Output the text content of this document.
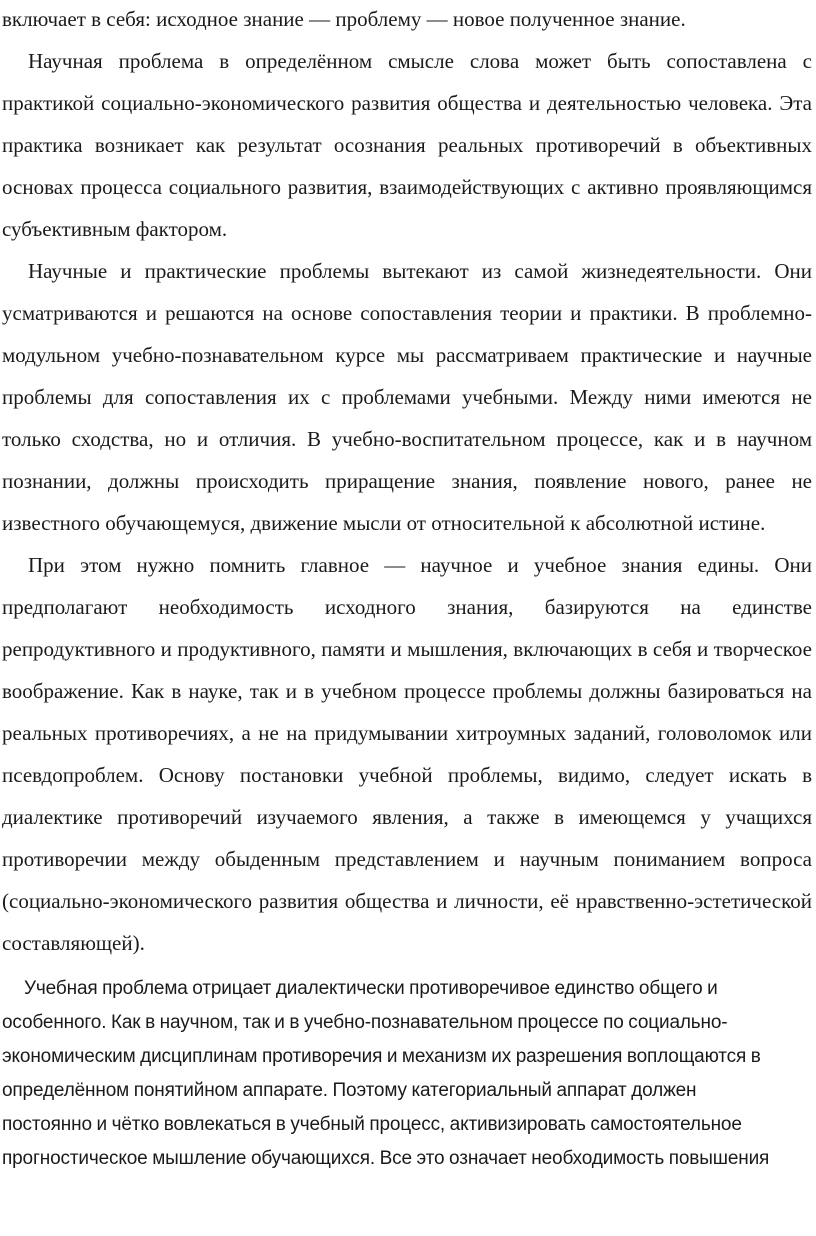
включает в себя: исходное знание — проблему — новое полученное знание.

Научная проблема в определённом смысле слова может быть сопоставлена с практикой социально-экономического развития общества и деятельностью человека. Эта практика возникает как результат осознания реальных противоречий в объективных основах процесса социального развития, взаимодействующих с активно проявляющимся субъективным фактором.

Научные и практические проблемы вытекают из самой жизнедеятельности. Они усматриваются и решаются на основе сопоставления теории и практики. В проблемно-модульном учебно-познавательном курсе мы рассматриваем практические и научные проблемы для сопоставления их с проблемами учебными. Между ними имеются не только сходства, но и отличия. В учебно-воспитательном процессе, как и в научном познании, должны происходить приращение знания, появление нового, ранее не известного обучающемуся, движение мысли от относительной к абсолютной истине.

При этом нужно помнить главное — научное и учебное знания едины. Они предполагают необходимость исходного знания, базируются на единстве репродуктивного и продуктивного, памяти и мышления, включающих в себя и творческое воображение. Как в науке, так и в учебном процессе проблемы должны базироваться на реальных противоречиях, а не на придумывании хитроумных заданий, головоломок или псевдопроблем. Основу постановки учебной проблемы, видимо, следует искать в диалектике противоречий изучаемого явления, а также в имеющемся у учащихся противоречии между обыденным представлением и научным пониманием вопроса (социально-экономического развития общества и личности, её нравственно-эстетической составляющей).

Учебная проблема отрицает диалектически противоречивое единство общего и
особенного. Как в научном, так и в учебно-познавательном процессе по социально-
экономическим дисциплинам противоречия и механизм их разрешения воплощаются в
определённом понятийном аппарате. Поэтому категориальный аппарат должен
постоянно и чётко вовлекаться в учебный процесс, активизировать самостоятельное
прогностическое мышление обучающихся. Все это означает необходимость повышения
